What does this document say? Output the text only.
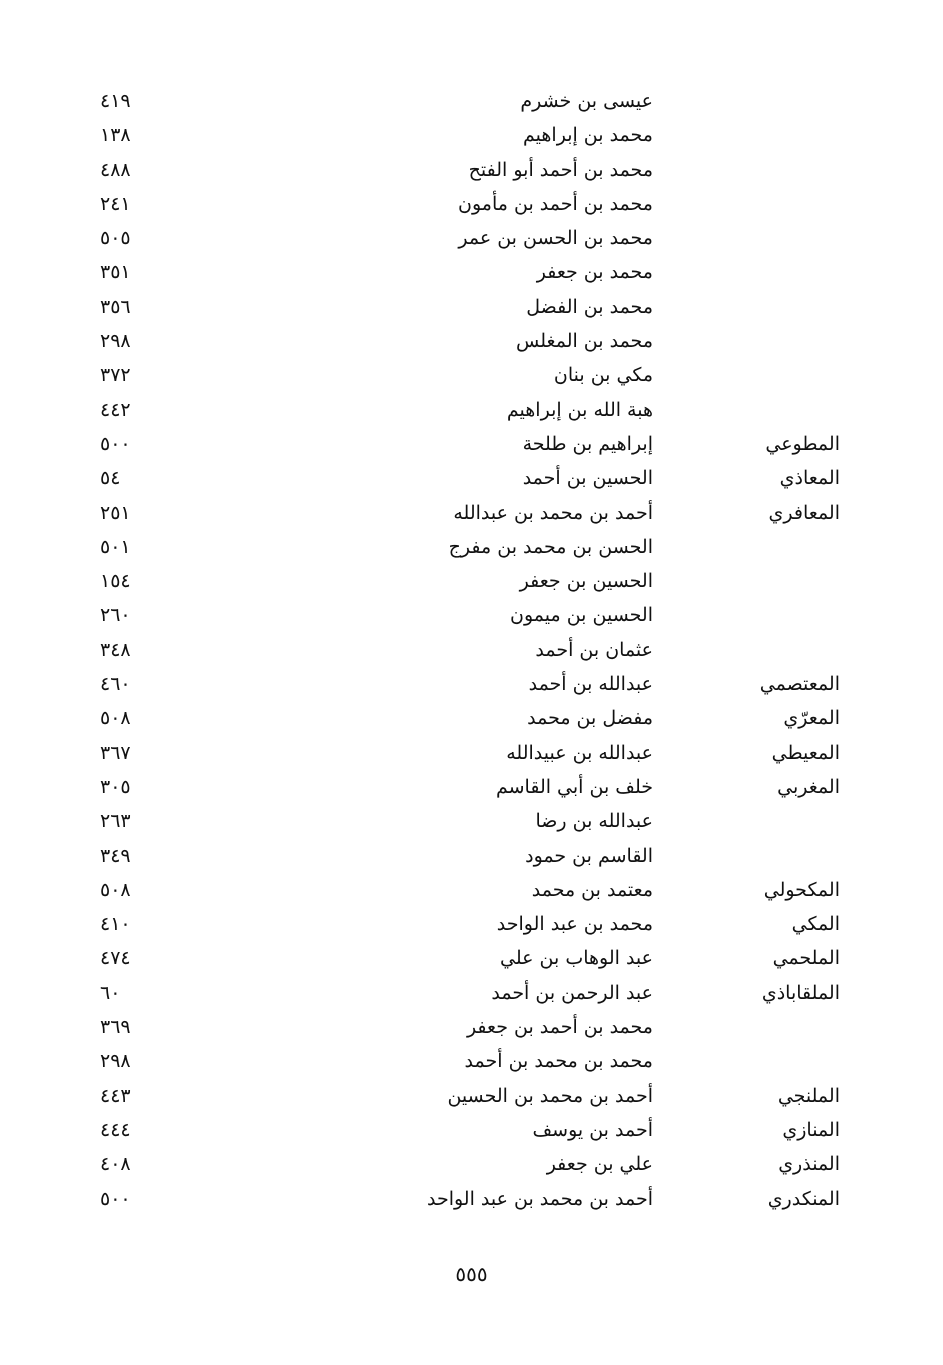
عيسى بن خشرم
٤١٩
محمد بن إبراهيم
١٣٨
محمد بن أحمد أبو الفتح
٤٨٨
محمد بن أحمد بن مأمون
٢٤١
محمد بن الحسن بن عمر
٥٠٥
محمد بن جعفر
٣٥١
محمد بن الفضل
٣٥٦
محمد بن المغلس
٢٩٨
مكي بن بنان
٣٧٢
هبة الله بن إبراهيم
٤٤٢
المطوعي
إبراهيم بن طلحة
٥٠٠
المعاذي
الحسين بن أحمد
٥٤
المعافري
أحمد بن محمد بن عبدالله
٢٥١
الحسن بن محمد بن مفرج
٥٠١
الحسين بن جعفر
١٥٤
الحسين بن ميمون
٢٦٠
عثمان بن أحمد
٣٤٨
المعتصمي
عبدالله بن أحمد
٤٦٠
المعرّي
مفضل بن محمد
٥٠٨
المعيطي
عبدالله بن عبيدالله
٣٦٧
المغربي
خلف بن أبي القاسم
٣٠٥
عبدالله بن رضا
٢٦٣
القاسم بن حمود
٣٤٩
المكحولي
معتمد بن محمد
٥٠٨
المكي
محمد بن عبد الواحد
٤١٠
الملحمي
عبد الوهاب بن علي
٤٧٤
الملقاباذي
عبد الرحمن بن أحمد
٦٠
محمد بن أحمد بن جعفر
٣٦٩
محمد بن محمد بن أحمد
٢٩٨
الملنجي
أحمد بن محمد بن الحسين
٤٤٣
المنازي
أحمد بن يوسف
٤٤٤
المنذري
علي بن جعفر
٤٠٨
المنكدري
أحمد بن محمد بن عبد الواحد
٥٠٠
٥٥٥
